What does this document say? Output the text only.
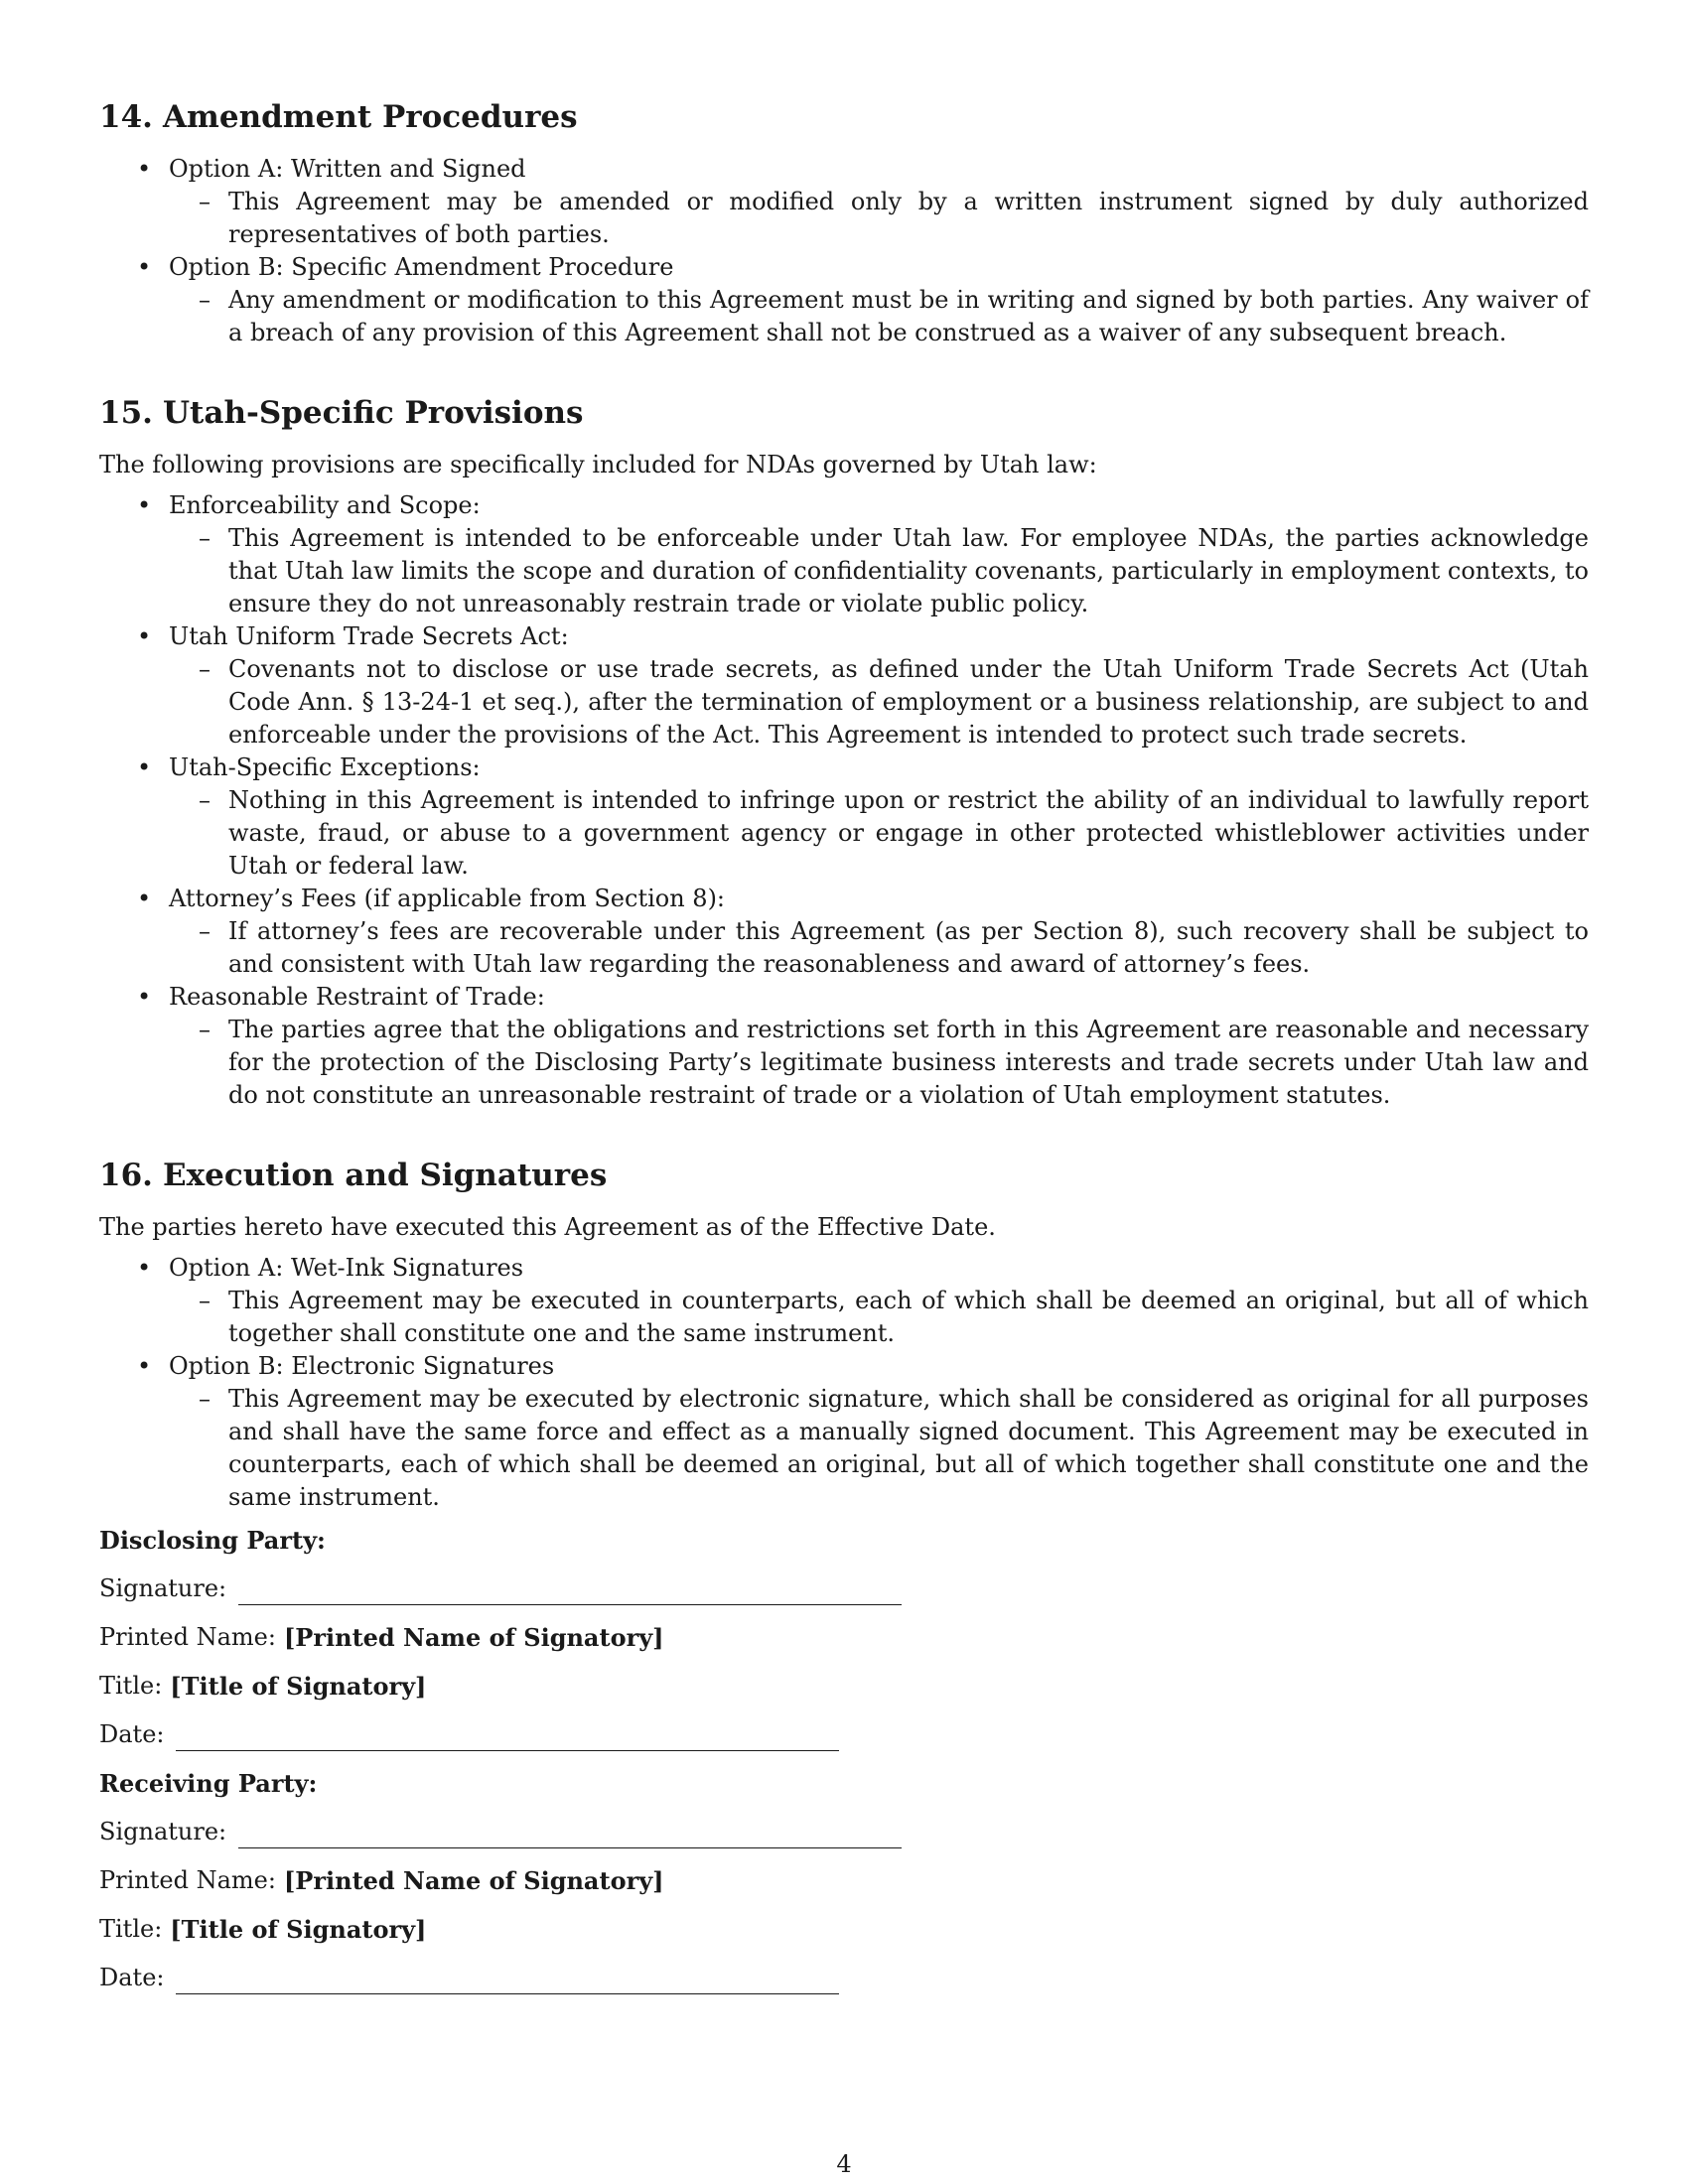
14. Amendment Procedures
• Option A: Written and Signed
– This Agreement may be amended or modified only by a written instrument signed by duly authorized representatives of both parties.
• Option B: Specific Amendment Procedure
– Any amendment or modification to this Agreement must be in writing and signed by both parties. Any waiver of a breach of any provision of this Agreement shall not be construed as a waiver of any subsequent breach.
15. Utah-Specific Provisions

The following provisions are specifically included for NDAs governed by Utah law:

• Enforceability and Scope:
– This Agreement is intended to be enforceable under Utah law. For employee NDAs, the parties acknowledge that Utah law limits the scope and duration of confidentiality covenants, particularly in employment contexts, to ensure they do not unreasonably restrain trade or violate public policy.
• Utah Uniform Trade Secrets Act:
– Covenants not to disclose or use trade secrets, as defined under the Utah Uniform Trade Secrets Act (Utah Code Ann. § 13-24-1 et seq.), after the termination of employment or a business relationship, are subject to and enforceable under the provisions of the Act. This Agreement is intended to protect such trade secrets.
• Utah-Specific Exceptions:
– Nothing in this Agreement is intended to infringe upon or restrict the ability of an individual to lawfully report waste, fraud, or abuse to a government agency or engage in other protected whistleblower activities under Utah or federal law.
• Attorney’s Fees (if applicable from Section 8):
– If attorney’s fees are recoverable under this Agreement (as per Section 8), such recovery shall be subject to and consistent with Utah law regarding the reasonableness and award of attorney’s fees.
• Reasonable Restraint of Trade:
– The parties agree that the obligations and restrictions set forth in this Agreement are reasonable and necessary for the protection of the Disclosing Party’s legitimate business interests and trade secrets under Utah law and do not constitute an unreasonable restraint of trade or a violation of Utah employment statutes.
16. Execution and Signatures

The parties hereto have executed this Agreement as of the Effective Date.

• Option A: Wet-Ink Signatures
– This Agreement may be executed in counterparts, each of which shall be deemed an original, but all of which together shall constitute one and the same instrument.
• Option B: Electronic Signatures
– This Agreement may be executed by electronic signature, which shall be considered as original for all purposes and shall have the same force and effect as a manually signed document. This Agreement may be executed in counterparts, each of which shall be deemed an original, but all of which together shall constitute one and the same instrument.
Disclosing Party:
Signature:
Printed Name: [Printed Name of Signatory]
Title: [Title of Signatory]
Date:
Receiving Party:
Signature:
Printed Name: [Printed Name of Signatory]
Title: [Title of Signatory]
Date:
4
